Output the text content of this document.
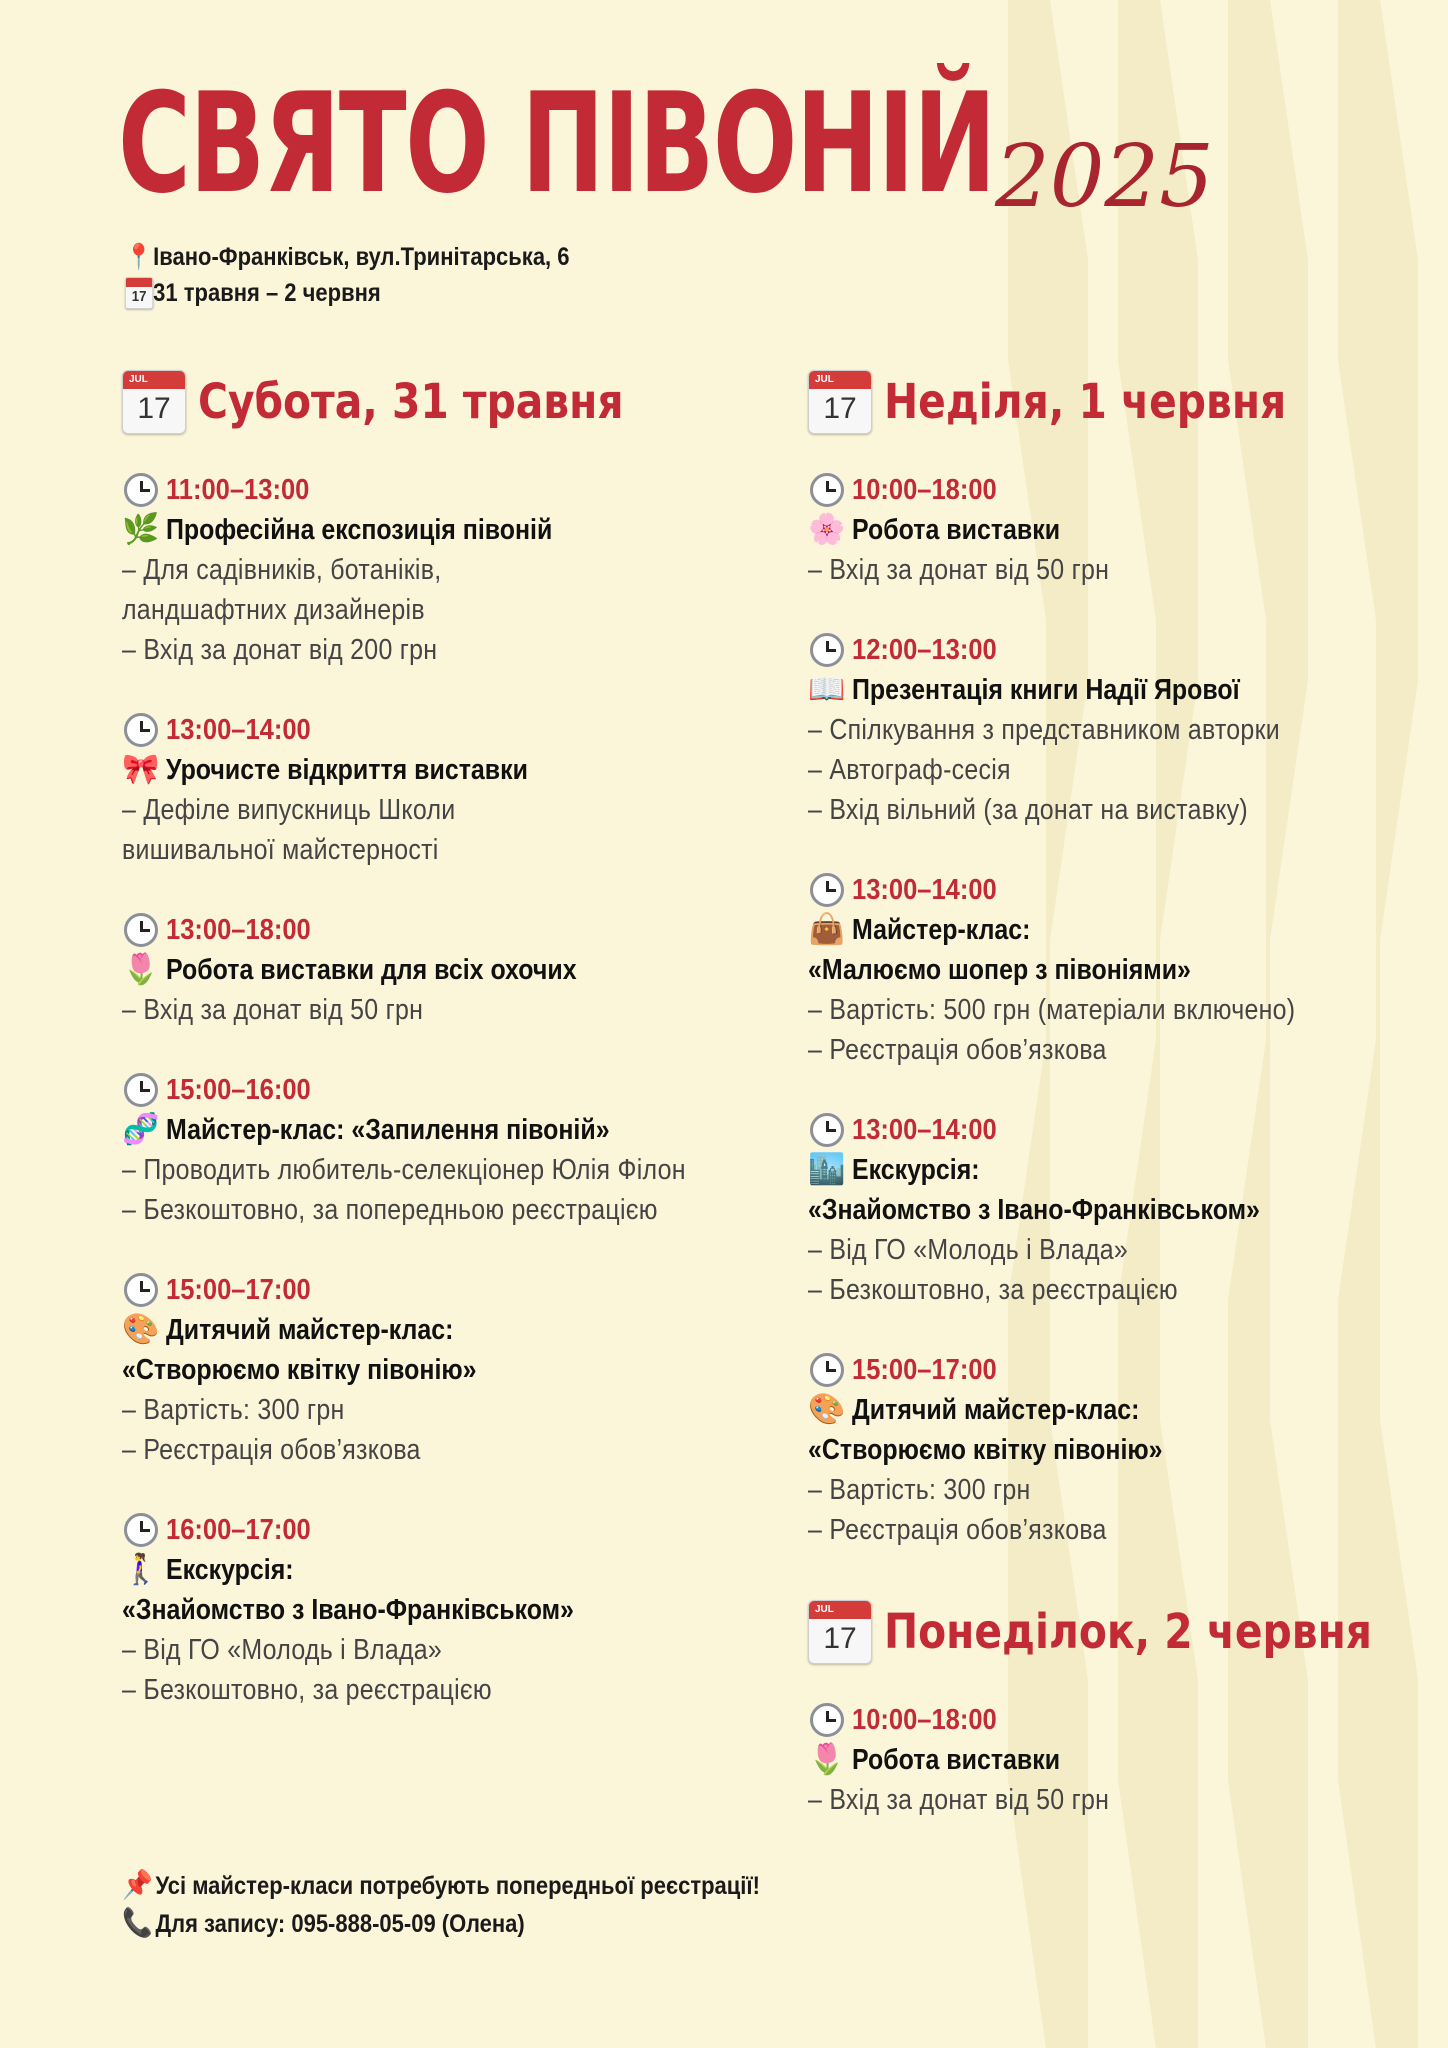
СВЯТО ПІВОНІЙ 2025
📍Івано-Франківськ, вул.Тринітарська, 6
17 31 травня – 2 червня
JUL
17 Субота, 31 травня
11:00–13:00
🌿 Професійна експозиція півоній
– Для садівників, ботаніків,
ландшафтних дизайнерів
– Вхід за донат від 200 грн
13:00–14:00
🎀 Урочисте відкриття виставки
– Дефіле випускниць Школи
вишивальної майстерності
13:00–18:00
🌷 Робота виставки для всіх охочих
– Вхід за донат від 50 грн
15:00–16:00
🧬 Майстер-клас: «Запилення півоній»
– Проводить любитель-селекціонер Юлія Філон
– Безкоштовно, за попередньою реєстрацією
15:00–17:00
🎨 Дитячий майстер-клас:
«Створюємо квітку півонію»
– Вартість: 300 грн
– Реєстрація обов’язкова
16:00–17:00
🚶‍♀️ Екскурсія:
«Знайомство з Івано-Франківськом»
– Від ГО «Молодь і Влада»
– Безкоштовно, за реєстрацією
JUL
17 Неділя, 1 червня
10:00–18:00
🌸 Робота виставки
– Вхід за донат від 50 грн
12:00–13:00
📖 Презентація книги Надії Ярової
– Спілкування з представником авторки
– Автограф-сесія
– Вхід вільний (за донат на виставку)
13:00–14:00
👜 Майстер-клас:
«Малюємо шопер з півоніями»
– Вартість: 500 грн (матеріали включено)
– Реєстрація обов’язкова
13:00–14:00
🏙️ Екскурсія:
«Знайомство з Івано-Франківськом»
– Від ГО «Молодь і Влада»
– Безкоштовно, за реєстрацією
15:00–17:00
🎨 Дитячий майстер-клас:
«Створюємо квітку півонію»
– Вартість: 300 грн
– Реєстрація обов’язкова
JUL
17 Понеділок, 2 червня
10:00–18:00
🌷 Робота виставки
– Вхід за донат від 50 грн
📌 Усі майстер-класи потребують попередньої реєстрації!
📞 Для запису: 095-888-05-09 (Олена)
